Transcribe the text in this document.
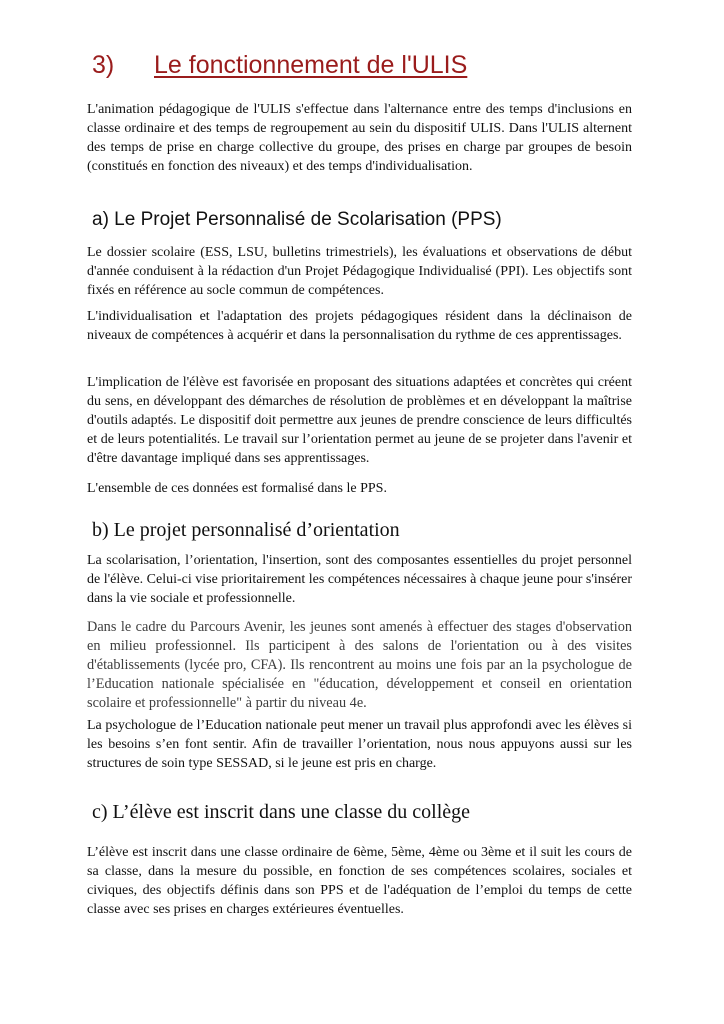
3) Le fonctionnement de l'ULIS

L'animation pédagogique de l'ULIS s'effectue dans l'alternance entre des temps d'inclusions en classe ordinaire et des temps de regroupement au sein du dispositif ULIS. Dans l'ULIS alternent des temps de prise en charge collective du groupe, des prises en charge par groupes de besoin (constitués en fonction des niveaux) et des temps d'individualisation.

a) Le Projet Personnalisé de Scolarisation (PPS)

Le dossier scolaire (ESS, LSU, bulletins trimestriels), les évaluations et observations de début d'année conduisent à la rédaction d'un Projet Pédagogique Individualisé (PPI). Les objectifs sont fixés en référence au socle commun de compétences.

L'individualisation et l'adaptation des projets pédagogiques résident dans la déclinaison de niveaux de compétences à acquérir et dans la personnalisation du rythme de ces apprentissages.

L'implication de l'élève est favorisée en proposant des situations adaptées et concrètes qui créent du sens, en développant des démarches de résolution de problèmes et en développant la maîtrise d'outils adaptés. Le dispositif doit permettre aux jeunes de prendre conscience de leurs difficultés et de leurs potentialités. Le travail sur l’orientation permet au jeune de se projeter dans l'avenir et d'être davantage impliqué dans ses apprentissages.

L'ensemble de ces données est formalisé dans le PPS.

b) Le projet personnalisé d’orientation

La scolarisation, l’orientation, l'insertion, sont des composantes essentielles du projet personnel de l'élève. Celui-ci vise prioritairement les compétences nécessaires à chaque jeune pour s'insérer dans la vie sociale et professionnelle.

Dans le cadre du Parcours Avenir, les jeunes sont amenés à effectuer des stages d'observation en milieu professionnel. Ils participent à des salons de l'orientation ou à des visites d'établissements (lycée pro, CFA). Ils rencontrent au moins une fois par an la psychologue de l’Education nationale spécialisée en "éducation, développement et conseil en orientation scolaire et professionnelle" à partir du niveau 4e.

La psychologue de l’Education nationale peut mener un travail plus approfondi avec les élèves si les besoins s’en font sentir. Afin de travailler l’orientation, nous nous appuyons aussi sur les structures de soin type SESSAD, si le jeune est pris en charge.

c) L’élève est inscrit dans une classe du collège

L’élève est inscrit dans une classe ordinaire de 6ème, 5ème, 4ème ou 3ème et il suit les cours de sa classe, dans la mesure du possible, en fonction de ses compétences scolaires, sociales et civiques, des objectifs définis dans son PPS et de l'adéquation de l’emploi du temps de cette classe avec ses prises en charges extérieures éventuelles.
